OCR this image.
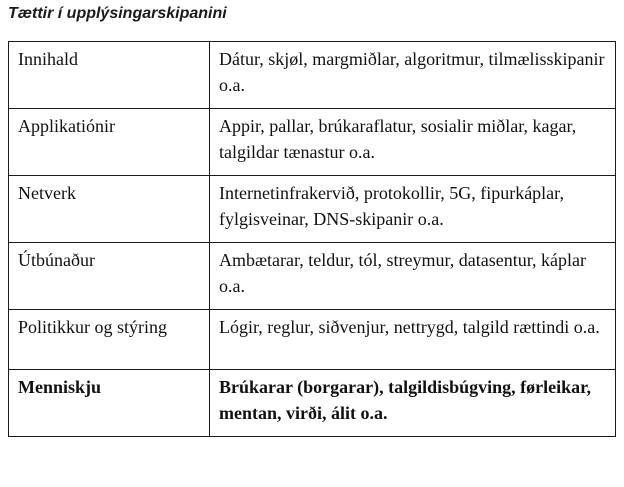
Tættir í upplýsingarskipanini
Innihald	Dátur, skjøl, margmiðlar, algoritmur, tilmælisskipanir o.a.
Applikatiónir	Appir, pallar, brúkaraflatur, sosialir miðlar, kagar, talgildar tænastur o.a.
Netverk	Internetinfrakervið, protokollir, 5G, fipurkáplar, fylgisveinar, DNS-skipanir o.a.
Útbúnaður	Ambætarar, teldur, tól, streymur, datasentur, káplar o.a.
Politikkur og stýring	Lógir, reglur, siðvenjur, nettrygd, talgild rættindi o.a.
Menniskju	Brúkarar (borgarar), talgildisbúgving, førleikar, mentan, virði, álit o.a.
